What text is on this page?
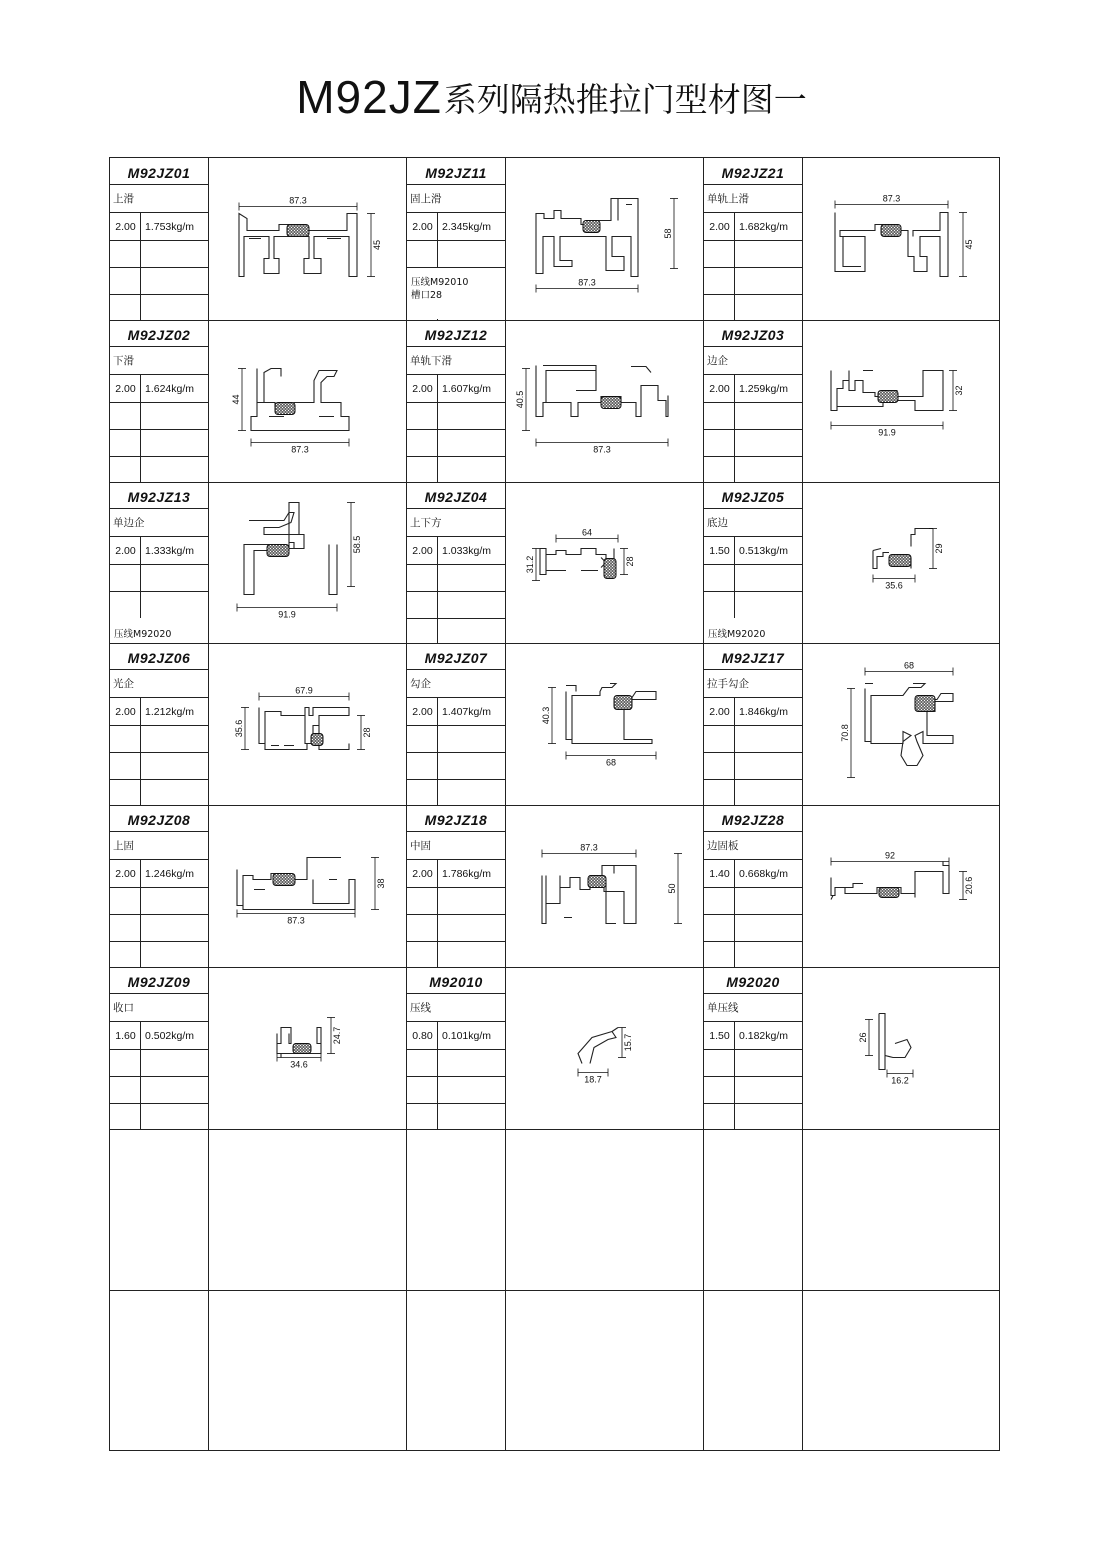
M92JZ系列隔热推拉门型材图一
M92JZ01
上滑
2.00 1.753kg/m
87.3
45
M92JZ11
固上滑
2.00 2.345kg/m
压线M92010
槽口28
87.3
58
M92JZ21
单轨上滑
2.00 1.682kg/m
87.3
45
M92JZ02
下滑
2.00 1.624kg/m
87.3
44
M92JZ12
单轨下滑
2.00 1.607kg/m
87.3
40.5
M92JZ03
边企
2.00 1.259kg/m
91.9
32
M92JZ13
单边企
2.00 1.333kg/m
压线M92020
91.9
58.5
M92JZ04
上下方
2.00 1.033kg/m
64
31.2	28
M92JZ05
底边
1.50 0.513kg/m
压线M92020
35.6
29
M92JZ06
光企
2.00 1.212kg/m
67.9
35.6	28
M92JZ07
勾企
2.00 1.407kg/m
68
40.3
M92JZ17
拉手勾企
2.00 1.846kg/m
68
70.8
M92JZ08
上固
2.00 1.246kg/m
87.3
38
M92JZ18
中固
2.00 1.786kg/m
87.3
50
M92JZ28
边固板
1.40 0.668kg/m
92
20.6
M92JZ09
收口
1.60 0.502kg/m
34.6
24.7
M92010
压线
0.80 0.101kg/m
18.7
15.7
M92020
单压线
1.50 0.182kg/m
16.2
26
